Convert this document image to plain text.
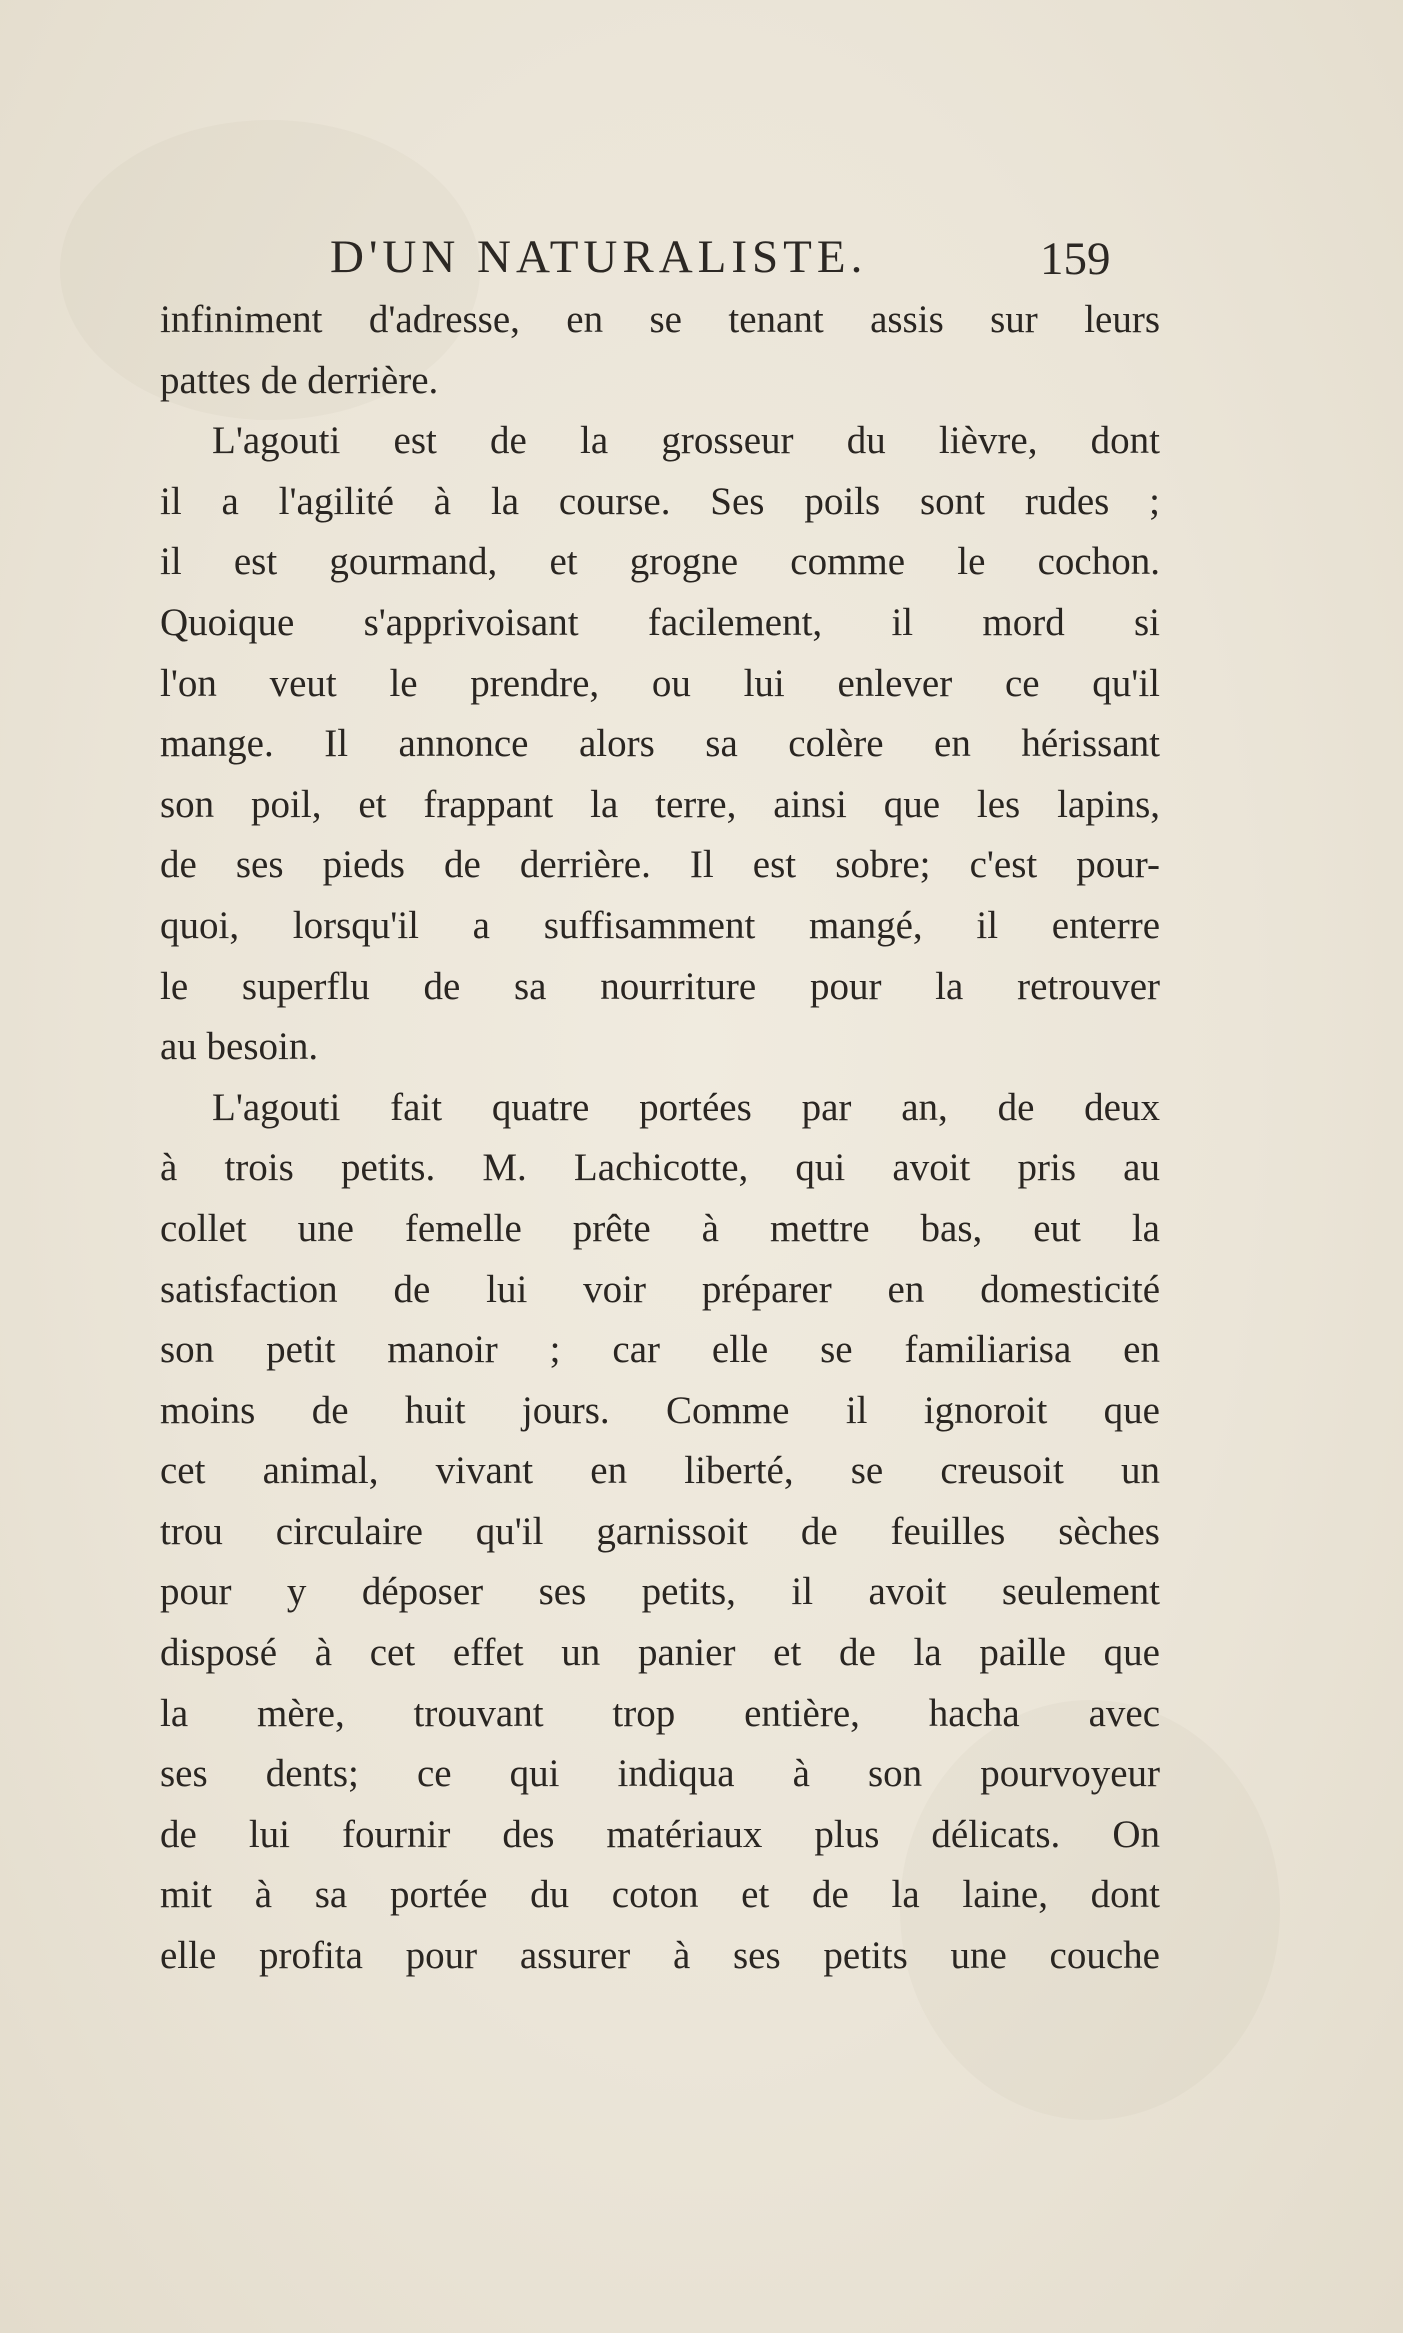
D'UN NATURALISTE.	159
infiniment d'adresse, en se tenant assis sur leurs
pattes de derrière.
L'agouti est de la grosseur du lièvre, dont
il a l'agilité à la course. Ses poils sont rudes ;
il est gourmand, et grogne comme le cochon.
Quoique s'apprivoisant facilement, il mord si
l'on veut le prendre, ou lui enlever ce qu'il
mange. Il annonce alors sa colère en hérissant
son poil, et frappant la terre, ainsi que les lapins,
de ses pieds de derrière. Il est sobre; c'est pour-
quoi, lorsqu'il a suffisamment mangé, il enterre
le superflu de sa nourriture pour la retrouver
au besoin.
L'agouti fait quatre portées par an, de deux
à trois petits. M. Lachicotte, qui avoit pris au
collet une femelle prête à mettre bas, eut la
satisfaction de lui voir préparer en domesticité
son petit manoir ; car elle se familiarisa en
moins de huit jours. Comme il ignoroit que
cet animal, vivant en liberté, se creusoit un
trou circulaire qu'il garnissoit de feuilles sèches
pour y déposer ses petits, il avoit seulement
disposé à cet effet un panier et de la paille que
la mère, trouvant trop entière, hacha avec
ses dents; ce qui indiqua à son pourvoyeur
de lui fournir des matériaux plus délicats. On
mit à sa portée du coton et de la laine, dont
elle profita pour assurer à ses petits une couche
